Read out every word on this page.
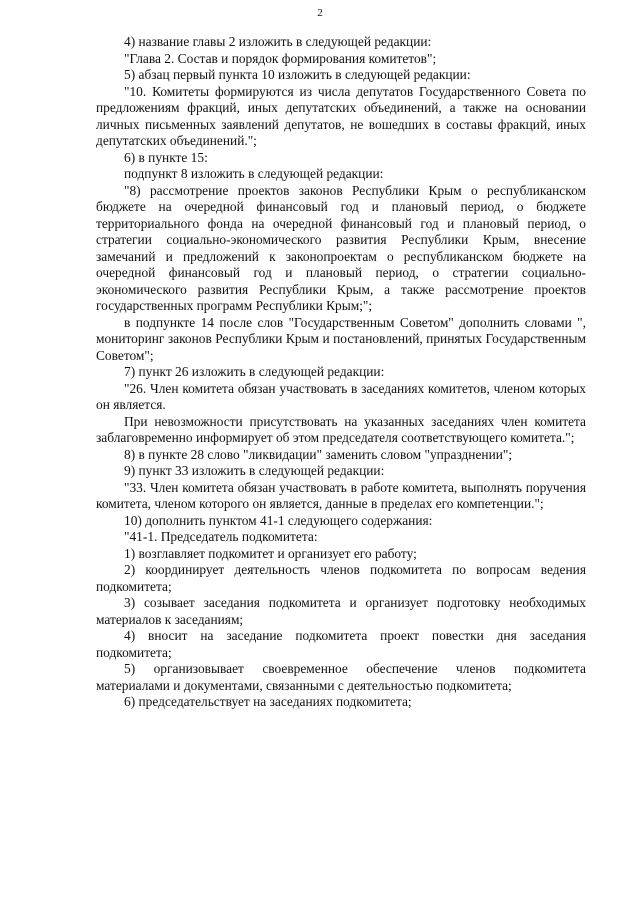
2

4) название главы 2 изложить в следующей редакции:

"Глава 2. Состав и порядок формирования комитетов";

5) абзац первый пункта 10 изложить в следующей редакции:

"10. Комитеты формируются из числа депутатов Государственного Совета по предложениям фракций, иных депутатских объединений, а также на основании личных письменных заявлений депутатов, не вошедших в составы фракций, иных депутатских объединений.";

6) в пункте 15:

подпункт 8 изложить в следующей редакции:

"8) рассмотрение проектов законов Республики Крым о республиканском бюджете на очередной финансовый год и плановый период, о бюджете территориального фонда на очередной финансовый год и плановый период, о стратегии социально-экономического развития Республики Крым, внесение замечаний и предложений к законопроектам о республиканском бюджете на очередной финансовый год и плановый период, о стратегии социально-экономического развития Республики Крым, а также рассмотрение проектов государственных программ Республики Крым;";

в подпункте 14 после слов "Государственным Советом" дополнить словами ", мониторинг законов Республики Крым и постановлений, принятых Государственным Советом";

7) пункт 26 изложить в следующей редакции:

"26. Член комитета обязан участвовать в заседаниях комитетов, членом которых он является.

При невозможности присутствовать на указанных заседаниях член комитета заблаговременно информирует об этом председателя соответствующего комитета.";

8) в пункте 28 слово "ликвидации" заменить словом "упразднении";

9) пункт 33 изложить в следующей редакции:

"33. Член комитета обязан участвовать в работе комитета, выполнять поручения комитета, членом которого он является, данные в пределах его компетенции.";

10) дополнить пунктом 41-1 следующего содержания:

"41-1. Председатель подкомитета:

1) возглавляет подкомитет и организует его работу;

2) координирует деятельность членов подкомитета по вопросам ведения подкомитета;

3) созывает заседания подкомитета и организует подготовку необходимых материалов к заседаниям;

4) вносит на заседание подкомитета проект повестки дня заседания подкомитета;

5) организовывает своевременное обеспечение членов подкомитета материалами и документами, связанными с деятельностью подкомитета;

6) председательствует на заседаниях подкомитета;
